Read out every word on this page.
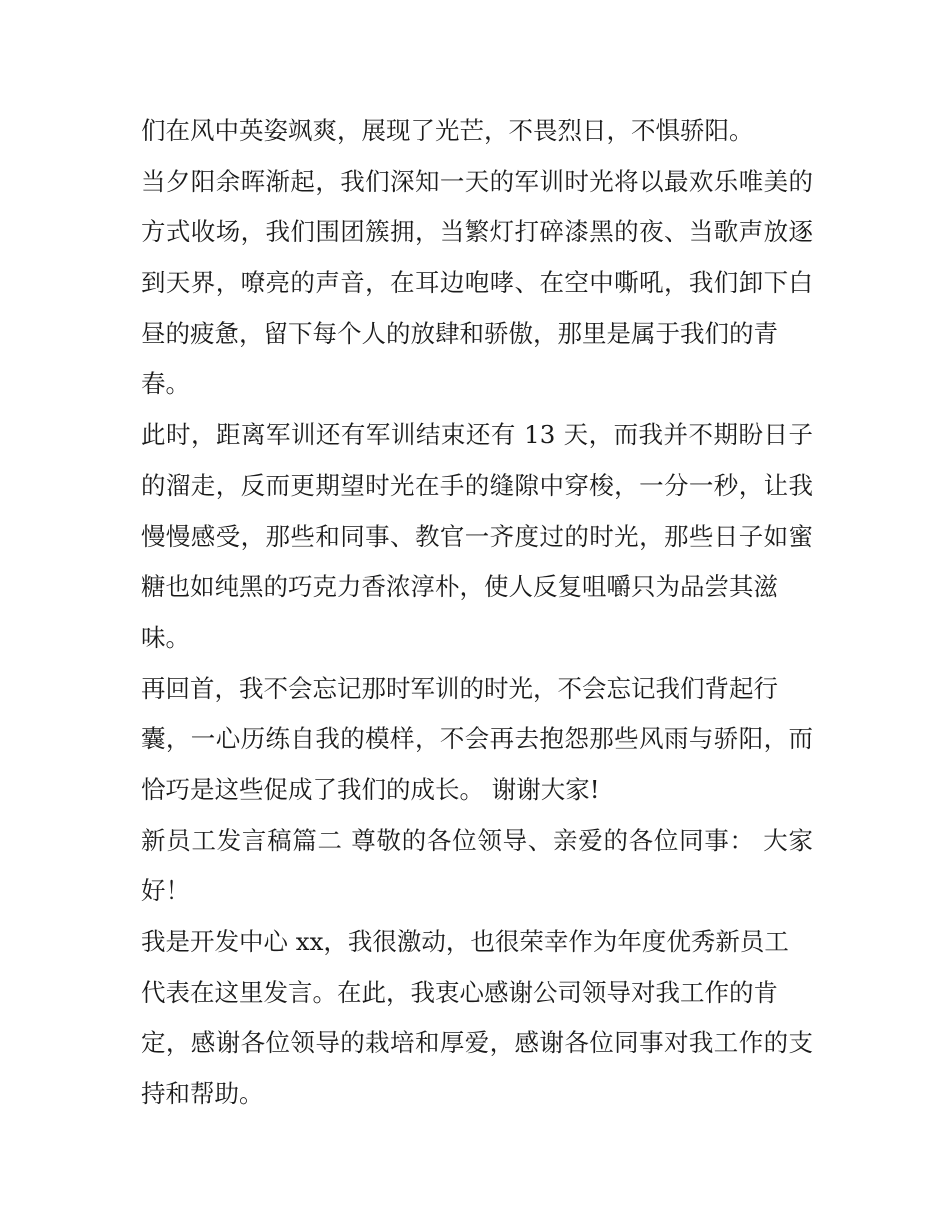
们在风中英姿飒爽，展现了光芒，不畏烈日，不惧骄阳。
当夕阳余晖渐起，我们深知一天的军训时光将以最欢乐唯美的
方式收场，我们围团簇拥，当繁灯打碎漆黑的夜、当歌声放逐
到天界，嘹亮的声音，在耳边咆哮、在空中嘶吼，我们卸下白
昼的疲惫，留下每个人的放肆和骄傲，那里是属于我们的青
春。
此时，距离军训还有军训结束还有 13 天，而我并不期盼日子
的溜走，反而更期望时光在手的缝隙中穿梭，一分一秒，让我
慢慢感受，那些和同事、教官一齐度过的时光，那些日子如蜜
糖也如纯黑的巧克力香浓淳朴，使人反复咀嚼只为品尝其滋
味。
再回首，我不会忘记那时军训的时光，不会忘记我们背起行
囊，一心历练自我的模样，不会再去抱怨那些风雨与骄阳，而
恰巧是这些促成了我们的成长。 谢谢大家!
新员工发言稿篇二 尊敬的各位领导、亲爱的各位同事： 大家
好！
我是开发中心 xx，我很激动，也很荣幸作为年度优秀新员工
代表在这里发言。在此，我衷心感谢公司领导对我工作的肯
定，感谢各位领导的栽培和厚爱，感谢各位同事对我工作的支
持和帮助。
